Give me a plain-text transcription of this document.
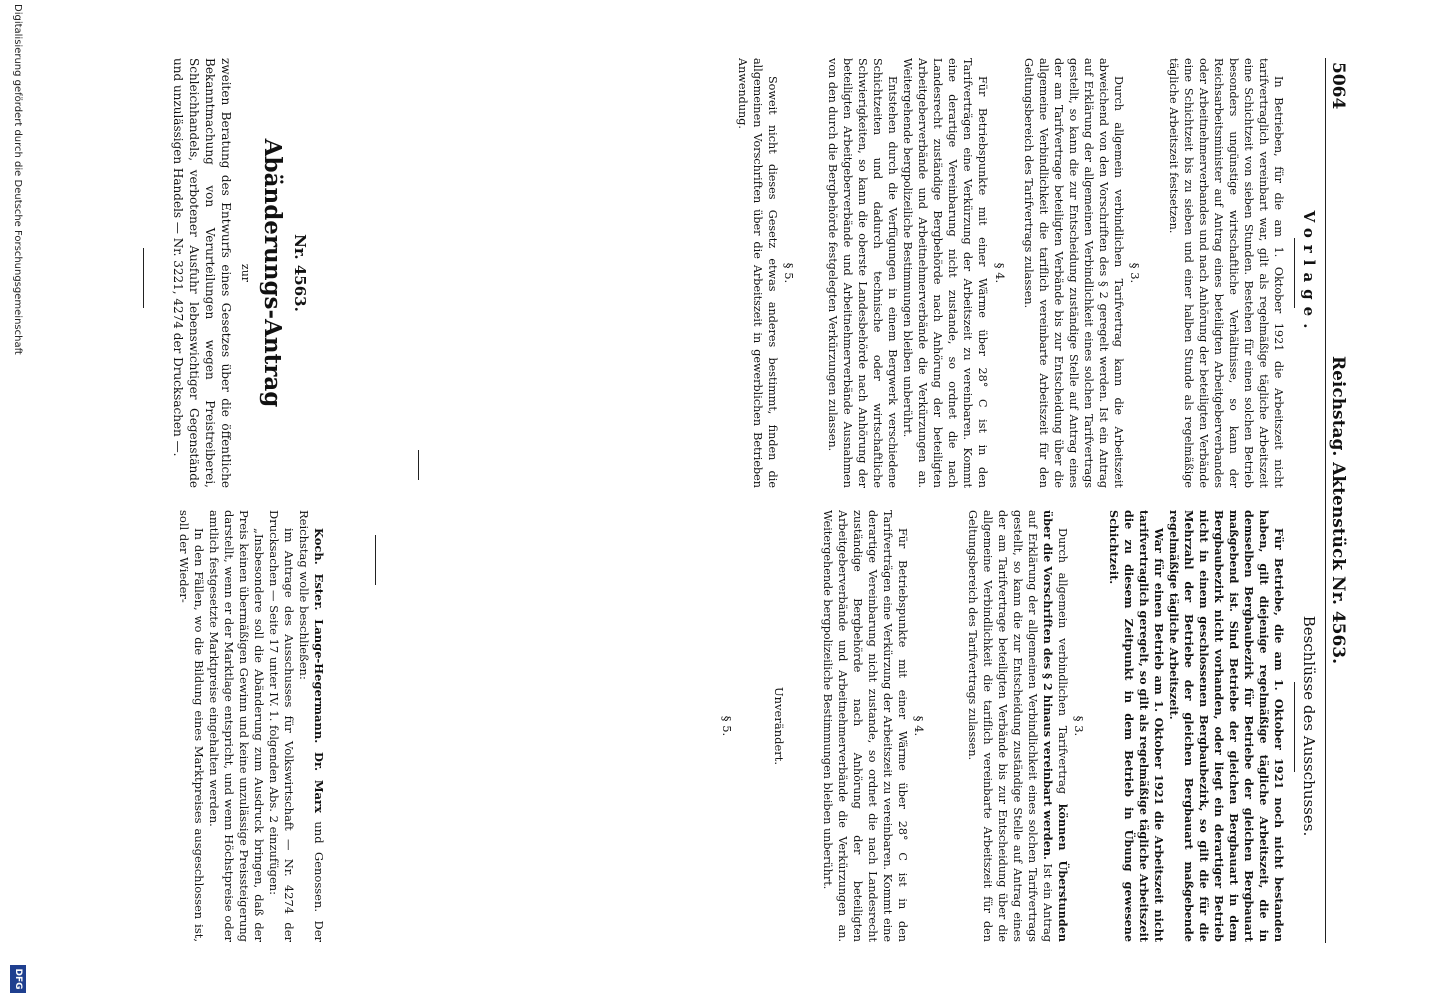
5064
Reichstag. Aktenstück Nr. 4563.
Vorlage.
Beschlüsse des Ausschusses.

In Betrieben, für die am 1. Oktober 1921 die Arbeitszeit nicht tarifvertraglich vereinbart war, gilt als regelmäßige tägliche Arbeitszeit eine Schichtzeit von sieben Stunden. Bestehen für einen solchen Betrieb besonders ungünstige wirtschaftliche Verhältnisse, so kann der Reichsarbeitsminister auf Antrag eines beteiligten Arbeitgeberverbandes oder Arbeitnehmerverbandes und nach Anhörung der beteiligten Verbände eine Schichtzeit bis zu sieben und einer halben Stunde als regelmäßige tägliche Arbeitszeit festsetzen.

§ 3.

Durch allgemein verbindlichen Tarifvertrag kann die Arbeitszeit abweichend von den Vorschriften des § 2 geregelt werden. Ist ein Antrag auf Erklärung der allgemeinen Verbindlichkeit eines solchen Tarifvertrags gestellt, so kann die zur Entscheidung zuständige Stelle auf Antrag eines der am Tarifvertrage beteiligten Verbände bis zur Entscheidung über die allgemeine Verbindlichkeit die tariflich vereinbarte Arbeitszeit für den Geltungsbereich des Tarifvertrags zulassen.

§ 4.

Für Betriebspunkte mit einer Wärme über 28° C ist in den Tarifverträgen eine Verkürzung der Arbeitszeit zu vereinbaren. Kommt eine derartige Vereinbarung nicht zustande, so ordnet die nach Landesrecht zuständige Bergbehörde nach Anhörung der beteiligten Arbeitgeberverbände und Arbeitnehmerverbände die Verkürzungen an. Weitergehende bergpolizeiliche Bestimmungen bleiben unberührt.

Entstehen durch die Verfügungen in einem Bergwerk verschiedene Schichtzeiten und dadurch technische oder wirtschaftliche Schwierigkeiten, so kann die oberste Landesbehörde nach Anhörung der beteiligten Arbeitgeberverbände und Arbeitnehmerverbände Ausnahmen von den durch die Bergbehörde festgelegten Verkürzungen zulassen.

§ 5.

Soweit nicht dieses Gesetz etwas anderes bestimmt, finden die allgemeinen Vorschriften über die Arbeitszeit in gewerblichen Betrieben Anwendung.

Für Betriebe, die am 1. Oktober 1921 noch nicht bestanden haben, gilt diejenige regelmäßige tägliche Arbeitszeit, die in demselben Bergbaubezirk für Betriebe der gleichen Bergbauart maßgebend ist. Sind Betriebe der gleichen Bergbauart in dem Bergbaubezirk nicht vorhanden, oder liegt ein derartiger Betrieb nicht in einem geschlossenen Bergbaubezirk, so gilt die für die Mehrzahl der Betriebe der gleichen Bergbauart maßgebende regelmäßige tägliche Arbeitszeit.

War für einen Betrieb am 1. Oktober 1921 die Arbeitszeit nicht tarifvertraglich geregelt, so gilt als regelmäßige tägliche Arbeitszeit die zu diesem Zeitpunkt in dem Betrieb in Übung gewesene Schichtzeit.

§ 3.

Durch allgemein verbindlichen Tarifvertrag können Überstunden über die Vorschriften des § 2 hinaus vereinbart werden. Ist ein Antrag auf Erklärung der allgemeinen Verbindlichkeit eines solchen Tarifvertrags gestellt, so kann die zur Entscheidung zuständige Stelle auf Antrag eines der am Tarifvertrage beteiligten Verbände bis zur Entscheidung über die allgemeine Verbindlichkeit die tariflich vereinbarte Arbeitszeit für den Geltungsbereich des Tarifvertrags zulassen.

§ 4.

Für Betriebspunkte mit einer Wärme über 28° C ist in den Tarifverträgen eine Verkürzung der Arbeitszeit zu vereinbaren. Kommt eine derartige Vereinbarung nicht zustande, so ordnet die nach Landesrecht zuständige Bergbehörde nach Anhörung der beteiligten Arbeitgeberverbände und Arbeitnehmerverbände die Verkürzungen an. Weitergehende bergpolizeiliche Bestimmungen bleiben unberührt.

Unverändert.
§ 5.
Nr. 4563.
Abänderungs-Antrag
zur

zweiten Beratung des Entwurfs eines Gesetzes über die öffentliche Bekanntmachung von Verurteilungen wegen Preistreiberei, Schleichhandels, verbotener Ausfuhr lebenswichtiger Gegenstände und unzulässigen Handels — Nr. 3221, 4274 der Drucksachen —.

Koch. Ester. Lange-Hegermann. Dr. Marx und Genossen. Der Reichstag wolle beschließen:

im Antrage des Ausschusses für Volkswirtschaft — Nr. 4274 der Drucksachen — Seite 17 unter IV. 1. folgenden Abs. 2 einzufügen:

„Insbesondere soll die Abänderung zum Ausdruck bringen, daß der Preis keinen übermäßigen Gewinn und keine unzulässige Preissteigerung darstellt, wenn er der Marktlage entspricht, und wenn Höchstpreise oder amtlich festgesetzte Marktpreise eingehalten werden.

In den Fällen, wo die Bildung eines Marktpreises ausgeschlossen ist, soll der Wieder-

Digitalisierung gefördert durch die Deutsche Forschungsgemeinschaft
DFG
